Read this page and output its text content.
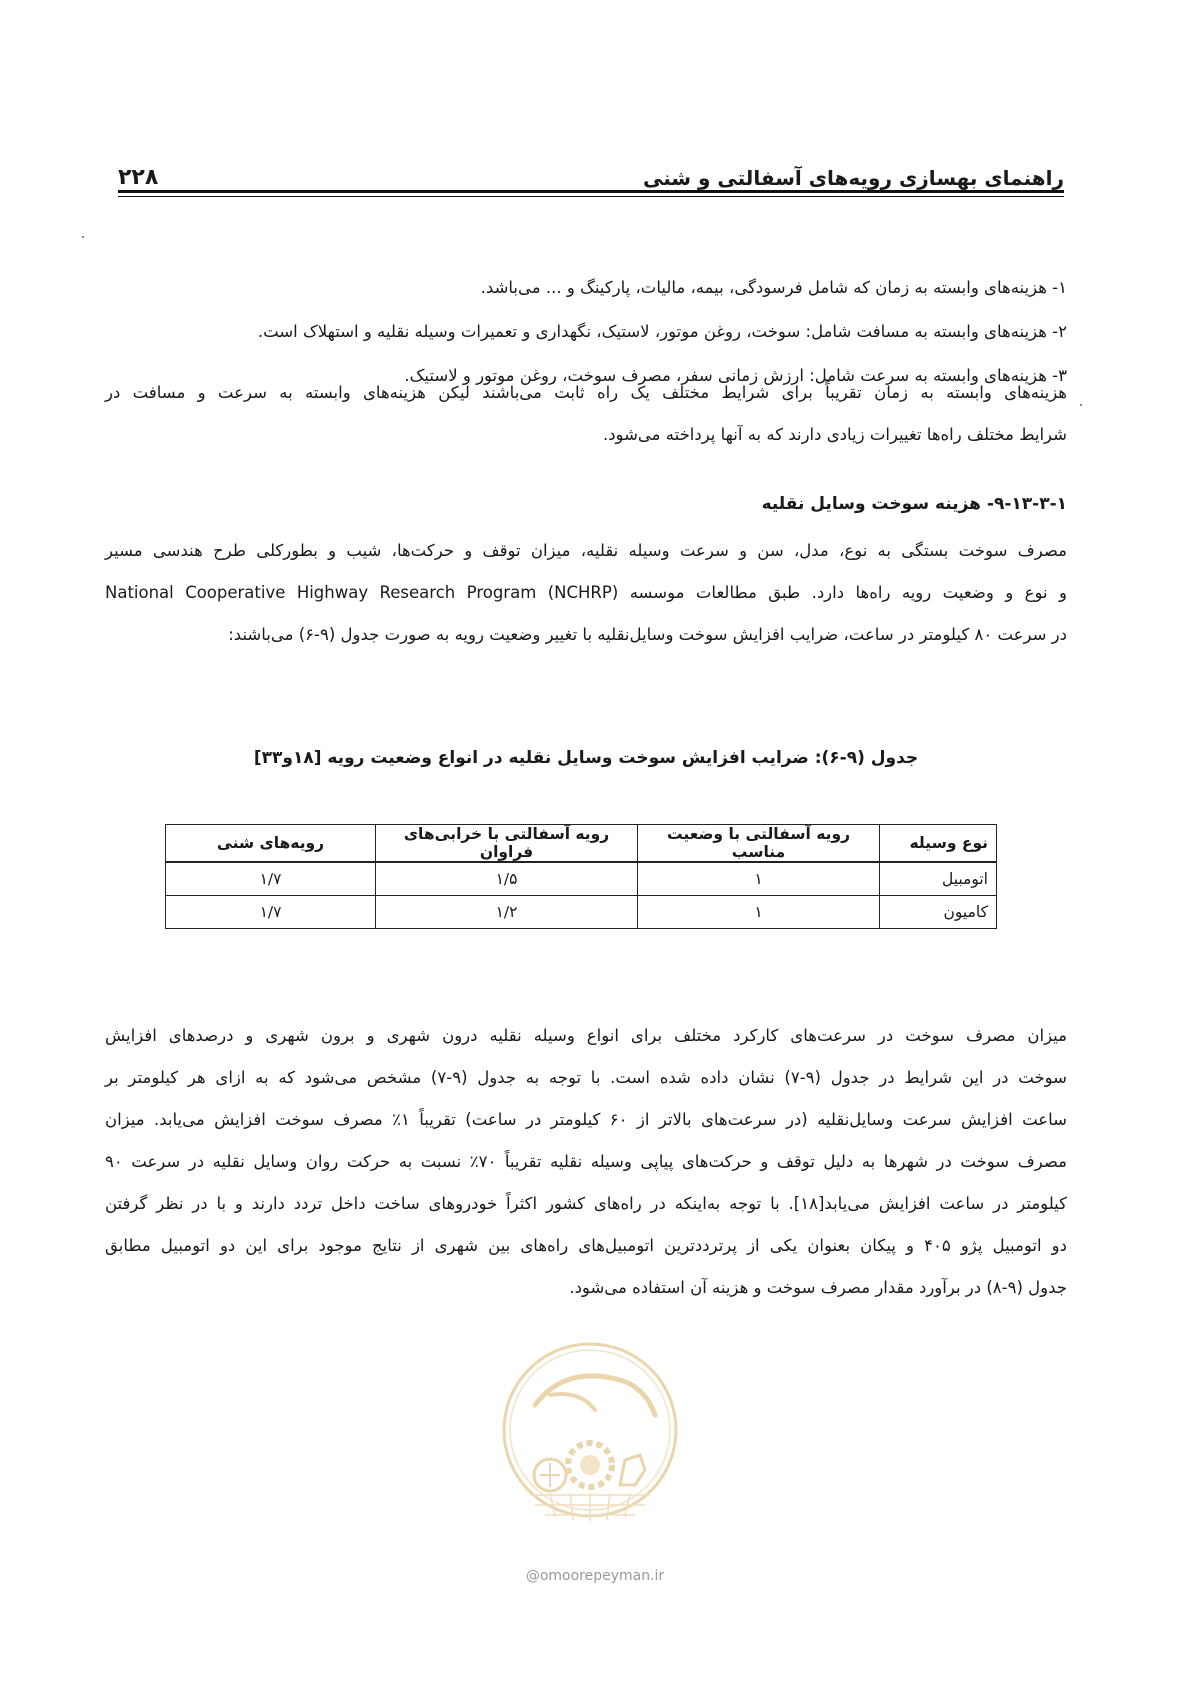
۲۲۸	راهنمای بهسازی رویه‌های آسفالتی و شنی
۱- هزینه‌های وابسته به زمان که شامل فرسودگی، بیمه، مالیات، پارکینگ و ... می‌باشد.
۲- هزینه‌های وابسته به مسافت شامل: سوخت، روغن موتور، لاستیک، نگهداری و تعمیرات وسیله نقلیه و استهلاک است.
۳- هزینه‌های وابسته به سرعت شامل: ارزش زمانی سفر، مصرف سوخت، روغن موتور و لاستیک.
هزینه‌های وابسته به زمان تقریباً برای شرایط مختلف یک راه ثابت می‌باشند لیکن هزینه‌های وابسته به سرعت و مسافت در
شرایط مختلف راه‌ها تغییرات زیادی دارند که به آنها پرداخته می‌شود.
۹-۱۳-۳-۱- هزینه سوخت وسایل نقلیه
مصرف سوخت بستگی به نوع، مدل، سن و سرعت وسیله نقلیه، میزان توقف و حرکت‌ها، شیب و بطورکلی طرح هندسی مسیر
و نوع و وضعیت رویه راه‌ها دارد. طبق مطالعات موسسه (National Cooperative Highway Research Program (NCHRP
در سرعت ۸۰ کیلومتر در ساعت، ضرایب افزایش سوخت وسایل‌نقلیه با تغییر وضعیت رویه به صورت جدول (۹-۶) می‌باشند:
جدول (۹-۶): ضرایب افزایش سوخت وسایل نقلیه در انواع وضعیت رویه [۱۸و۳۳]
نوع وسیله	رویه آسفالتی با وضعیت مناسب	رویه آسفالتی با خرابی‌های فراوان	رویه‌های شنی
اتومبیل	۱	۱/۵	۱/۷
کامیون	۱	۱/۲	۱/۷
میزان مصرف سوخت در سرعت‌های کارکرد مختلف برای انواع وسیله نقلیه درون شهری و برون شهری و درصدهای افزایش
سوخت در این شرایط در جدول (۹-۷) نشان داده شده است. با توجه به جدول (۹-۷) مشخص می‌شود که به ازای هر کیلومتر بر
ساعت افزایش سرعت وسایل‌نقلیه (در سرعت‌های بالاتر از ۶۰ کیلومتر در ساعت) تقریباً ۱٪ مصرف سوخت افزایش می‌یابد. میزان
مصرف سوخت در شهرها به دلیل توقف و حرکت‌های پیاپی وسیله نقلیه تقریباً ۷۰٪ نسبت به حرکت روان وسایل نقلیه در سرعت ۹۰
کیلومتر در ساعت افزایش می‌یابد[۱۸]. با توجه به‌اینکه در راه‌های کشور اکثراً خودروهای ساخت داخل تردد دارند و با در نظر گرفتن
دو اتومبیل پژو ۴۰۵ و پیکان بعنوان یکی از پرترددترین اتومبیل‌های راه‌های بین شهری از نتایج موجود برای این دو اتومبیل مطابق
جدول (۹-۸) در برآورد مقدار مصرف سوخت و هزینه آن استفاده می‌شود.
@omoorepeyman.ir
